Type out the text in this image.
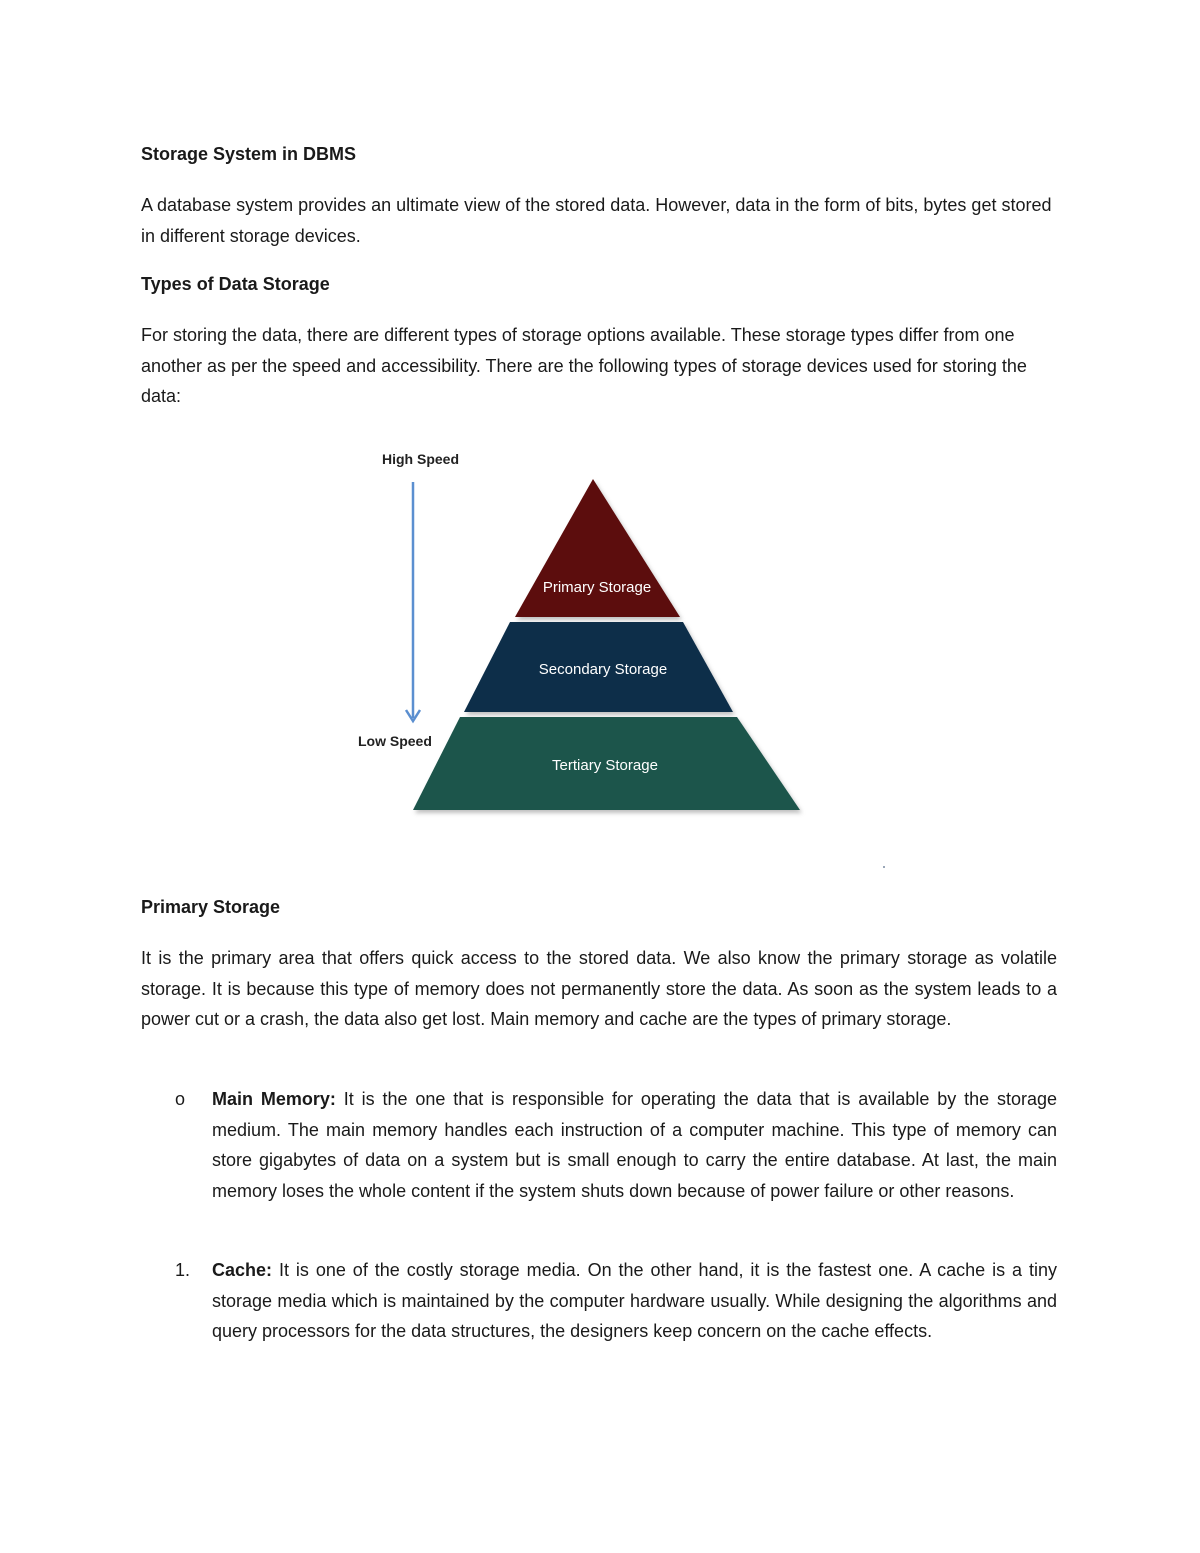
Storage System in DBMS

A database system provides an ultimate view of the stored data. However, data in the form of bits, bytes get stored in different storage devices.

Types of Data Storage

For storing the data, there are different types of storage options available. These storage types differ from one another as per the speed and accessibility. There are the following types of storage devices used for storing the data:

High Speed
Low Speed
Primary Storage
Secondary Storage
Tertiary Storage
Primary Storage

It is the primary area that offers quick access to the stored data. We also know the primary storage as volatile storage. It is because this type of memory does not permanently store the data. As soon as the system leads to a power cut or a crash, the data also get lost. Main memory and cache are the types of primary storage.

o	Main Memory: It is the one that is responsible for operating the data that is available by the storage medium. The main memory handles each instruction of a computer machine. This type of memory can store gigabytes of data on a system but is small enough to carry the entire database. At last, the main memory loses the whole content if the system shuts down because of power failure or other reasons.
1.	Cache: It is one of the costly storage media. On the other hand, it is the fastest one. A cache is a tiny storage media which is maintained by the computer hardware usually. While designing the algorithms and query processors for the data structures, the designers keep concern on the cache effects.
